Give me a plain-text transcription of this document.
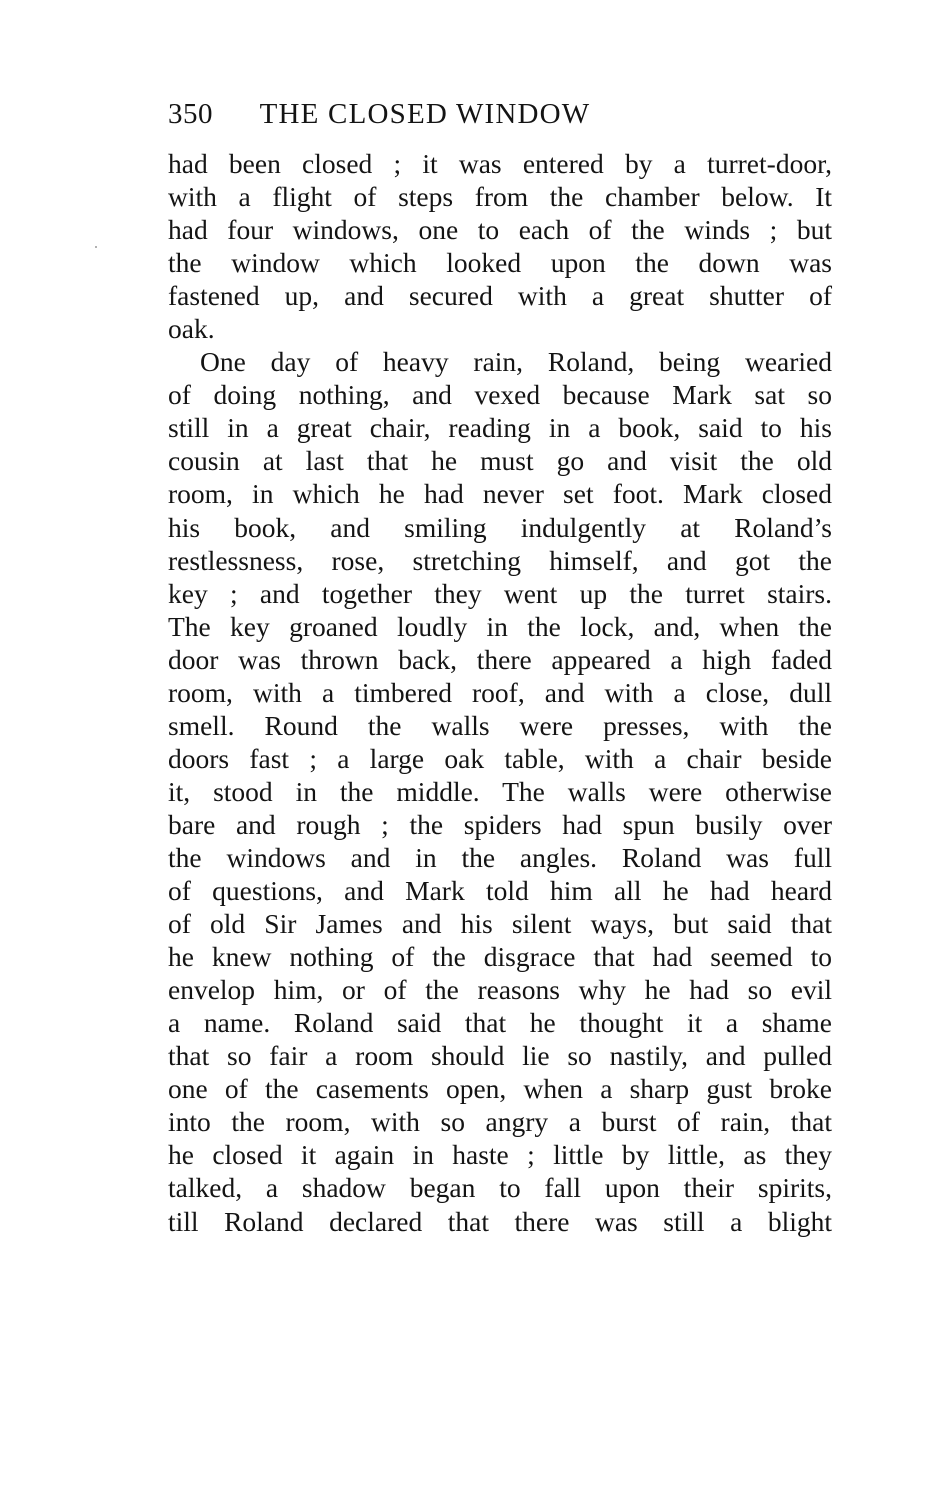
350	THE CLOSED WINDOW
had been closed ; it was entered by a turret-door,
with a flight of steps from the chamber below. It
had four windows, one to each of the winds ; but
the window which looked upon the down was
fastened up, and secured with a great shutter of
oak.
One day of heavy rain, Roland, being wearied
of doing nothing, and vexed because Mark sat so
still in a great chair, reading in a book, said to his
cousin at last that he must go and visit the old
room, in which he had never set foot. Mark closed
his book, and smiling indulgently at Roland’s
restlessness, rose, stretching himself, and got the
key ; and together they went up the turret stairs.
The key groaned loudly in the lock, and, when the
door was thrown back, there appeared a high faded
room, with a timbered roof, and with a close, dull
smell. Round the walls were presses, with the
doors fast ; a large oak table, with a chair beside
it, stood in the middle. The walls were otherwise
bare and rough ; the spiders had spun busily over
the windows and in the angles. Roland was full
of questions, and Mark told him all he had heard
of old Sir James and his silent ways, but said that
he knew nothing of the disgrace that had seemed to
envelop him, or of the reasons why he had so evil
a name. Roland said that he thought it a shame
that so fair a room should lie so nastily, and pulled
one of the casements open, when a sharp gust broke
into the room, with so angry a burst of rain, that
he closed it again in haste ; little by little, as they
talked, a shadow began to fall upon their spirits,
till Roland declared that there was still a blight
